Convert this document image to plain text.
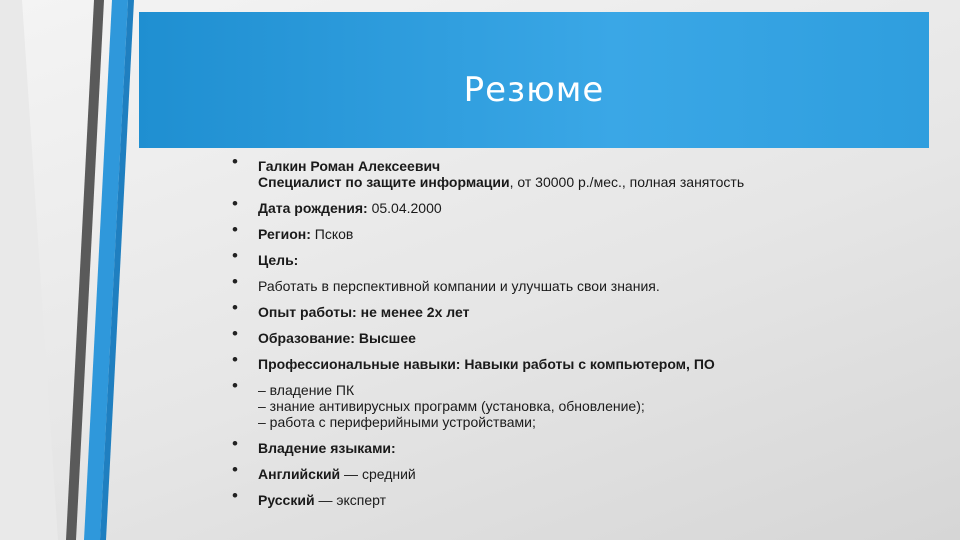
Резюме
• Галкин Роман Алексеевич
Специалист по защите информации, от 30000 р./мес., полная занятость
• Дата рождения: 05.04.2000
• Регион: Псков
• Цель:
• Работать в перспективной компании и улучшать свои знания.
• Опыт работы: не менее 2х лет
• Образование: Высшее
• Профессиональные навыки: Навыки работы с компьютером, ПО
• – владение ПК
– знание антивирусных программ (установка, обновление);
– работа с периферийными устройствами;
• Владение языками:
• Английский — средний
• Русский — эксперт
